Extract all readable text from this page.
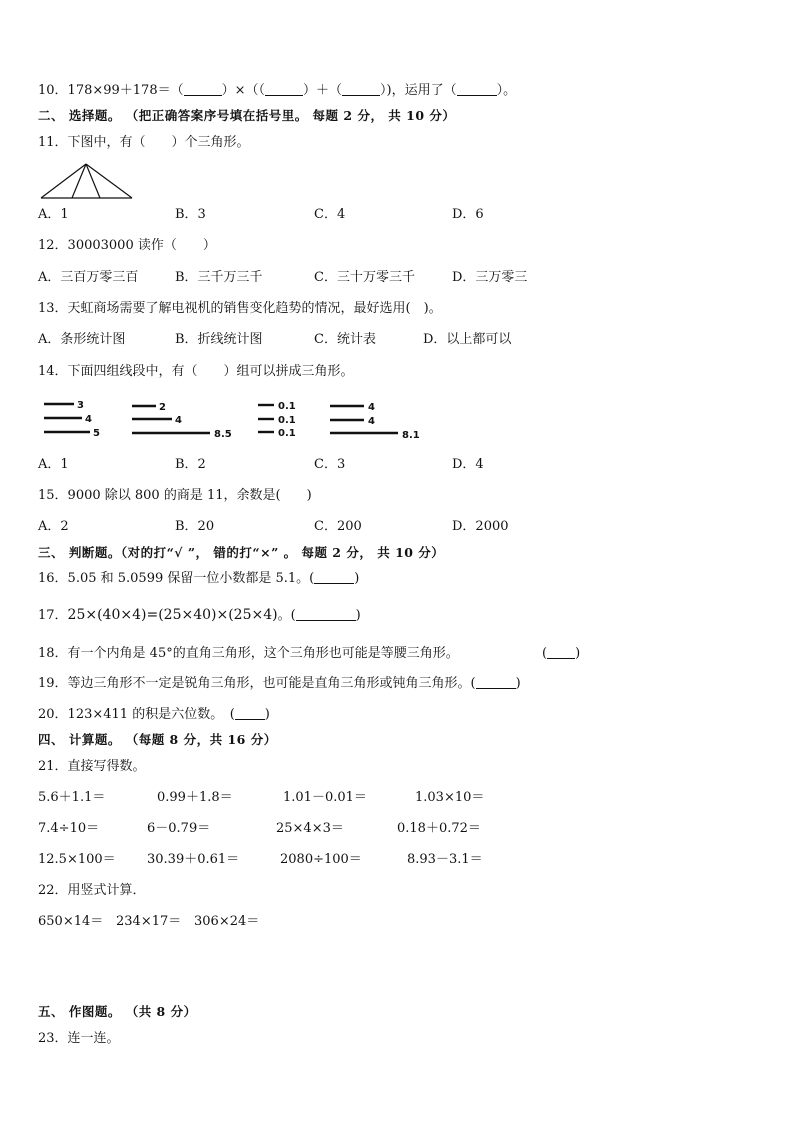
10．178×99＋178＝（	）×（（	）＋（	）)，运用了（	）。
二、 选择题。 （把正确答案序号填在括号里。 每题 2 分， 共 10 分）
11．下图中，有（　　）个三角形。
A．1	B．3	C．4	D．6
12．30003000 读作（　　）
A．三百万零三百	B．三千万三千	C．三十万零三千	D．三万零三
13．天虹商场需要了解电视机的销售变化趋势的情况，最好选用(　)。
A．条形统计图	B．折线统计图	C．统计表	D．以上都可以
14．下面四组线段中，有（　　）组可以拼成三角形。
3
4
5
2
4
8.5
0.1
0.1
0.1
4
4
8.1
A．1	B．2	C．3	D．4
15．9000 除以 800 的商是 11，余数是(　　)
A．2	B．20	C．200	D．2000
三、 判断题。（对的打“√ ”， 错的打“×” 。 每题 2 分， 共 10 分）
16．5.05 和 5.0599 保留一位小数都是 5.1。(	)
17．25×(40×4)=(25×40)×(25×4)。(	)
18．有一个内角是 45°的直角三角形，这个三角形也可能是等腰三角形。	( )
19．等边三角形不一定是锐角三角形，也可能是直角三角形或钝角三角形。(	)
20．123×411 的积是六位数。　( )
四、 计算题。 （每题 8 分，共 16 分）
21．直接写得数。
5.6＋1.1＝	0.99＋1.8＝	1.01－0.01＝	1.03×10＝
7.4÷10＝	6－0.79＝	25×4×3＝	0.18＋0.72＝
12.5×100＝ 30.39＋0.61＝	2080÷100＝	8.93－3.1＝
22．用竖式计算．
650×14＝ 234×17＝ 306×24＝
五、 作图题。 （共 8 分）
23．连一连。
